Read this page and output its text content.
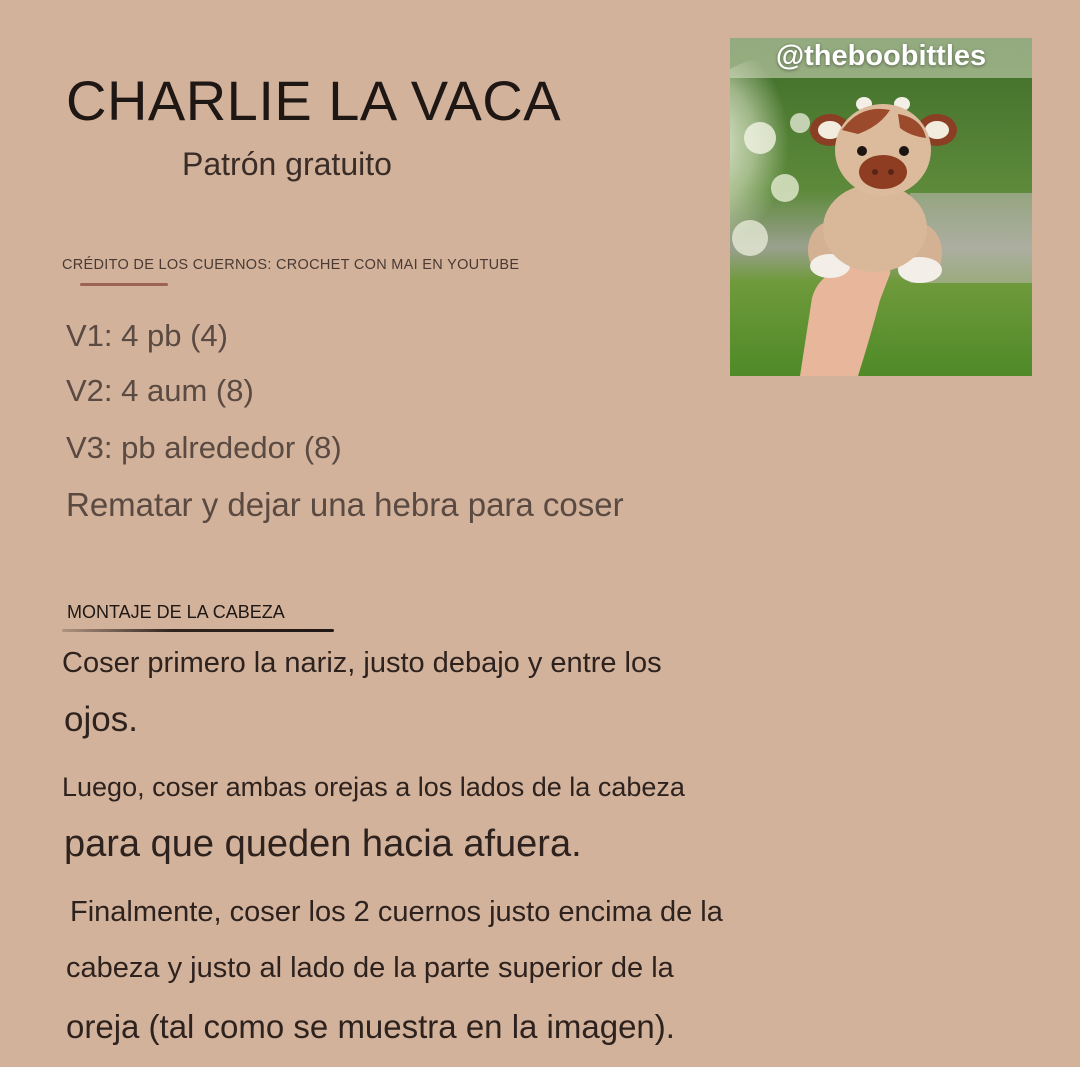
CHARLIE LA VACA
Patrón gratuito
CRÉDITO DE LOS CUERNOS: CROCHET CON MAI EN YOUTUBE
V1: 4 pb (4)
V2: 4 aum (8)
V3: pb alrededor (8)
Rematar y dejar una hebra para coser
MONTAJE DE LA CABEZA
Coser primero la nariz, justo debajo y entre los
ojos.
Luego, coser ambas orejas a los lados de la cabeza
para que queden hacia afuera.
Finalmente, coser los 2 cuernos justo encima de la
cabeza y justo al lado de la parte superior de la
oreja (tal como se muestra en la imagen).
@theboobittles
